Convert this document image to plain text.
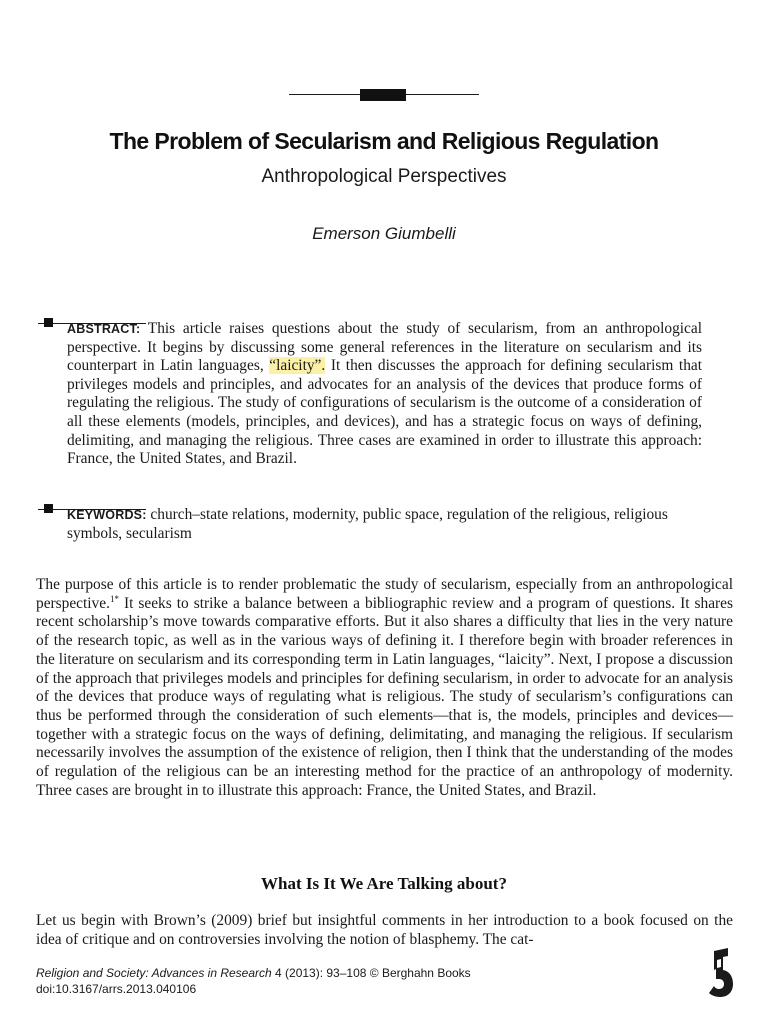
The Problem of Secularism and Religious Regulation
Anthropological Perspectives
Emerson Giumbelli
ABSTRACT: This article raises questions about the study of secularism, from an anthropological perspective. It begins by discussing some general references in the literature on secularism and its counterpart in Latin languages, “laicity”. It then discusses the approach for defining secularism that privileges models and principles, and advocates for an analysis of the devices that produce forms of regulating the religious. The study of configurations of secularism is the outcome of a consideration of all these elements (models, principles, and devices), and has a strategic focus on ways of defining, delimiting, and managing the religious. Three cases are examined in order to illustrate this approach: France, the United States, and Brazil.
KEYWORDS: church–state relations, modernity, public space, regulation of the religious, religious symbols, secularism
The purpose of this article is to render problematic the study of secularism, especially from an anthropological perspective.$^{1*}$ It seeks to strike a balance between a bibliographic review and a program of questions. It shares recent scholarship’s move towards comparative efforts. But it also shares a difficulty that lies in the very nature of the research topic, as well as in the various ways of defining it. I therefore begin with broader references in the literature on secularism and its corresponding term in Latin languages, “laicity”. Next, I propose a discussion of the approach that privileges models and principles for defining secularism, in order to advocate for an analysis of the devices that produce ways of regulating what is religious. The study of secularism’s configurations can thus be performed through the consideration of such elements—that is, the models, principles and devices—together with a strategic focus on the ways of defining, delimitating, and managing the religious. If secularism necessarily involves the assumption of the existence of religion, then I think that the understanding of the modes of regulation of the religious can be an interesting method for the practice of an anthropology of modernity. Three cases are brought in to illustrate this approach: France, the United States, and Brazil.
What Is It We Are Talking about?
Let us begin with Brown’s (2009) brief but insightful comments in her introduction to a book focused on the idea of critique and on controversies involving the notion of blasphemy. The cat-
Religion and Society: Advances in Research 4 (2013): 93–108 © Berghahn Books
doi:10.3167/arrs.2013.040106
